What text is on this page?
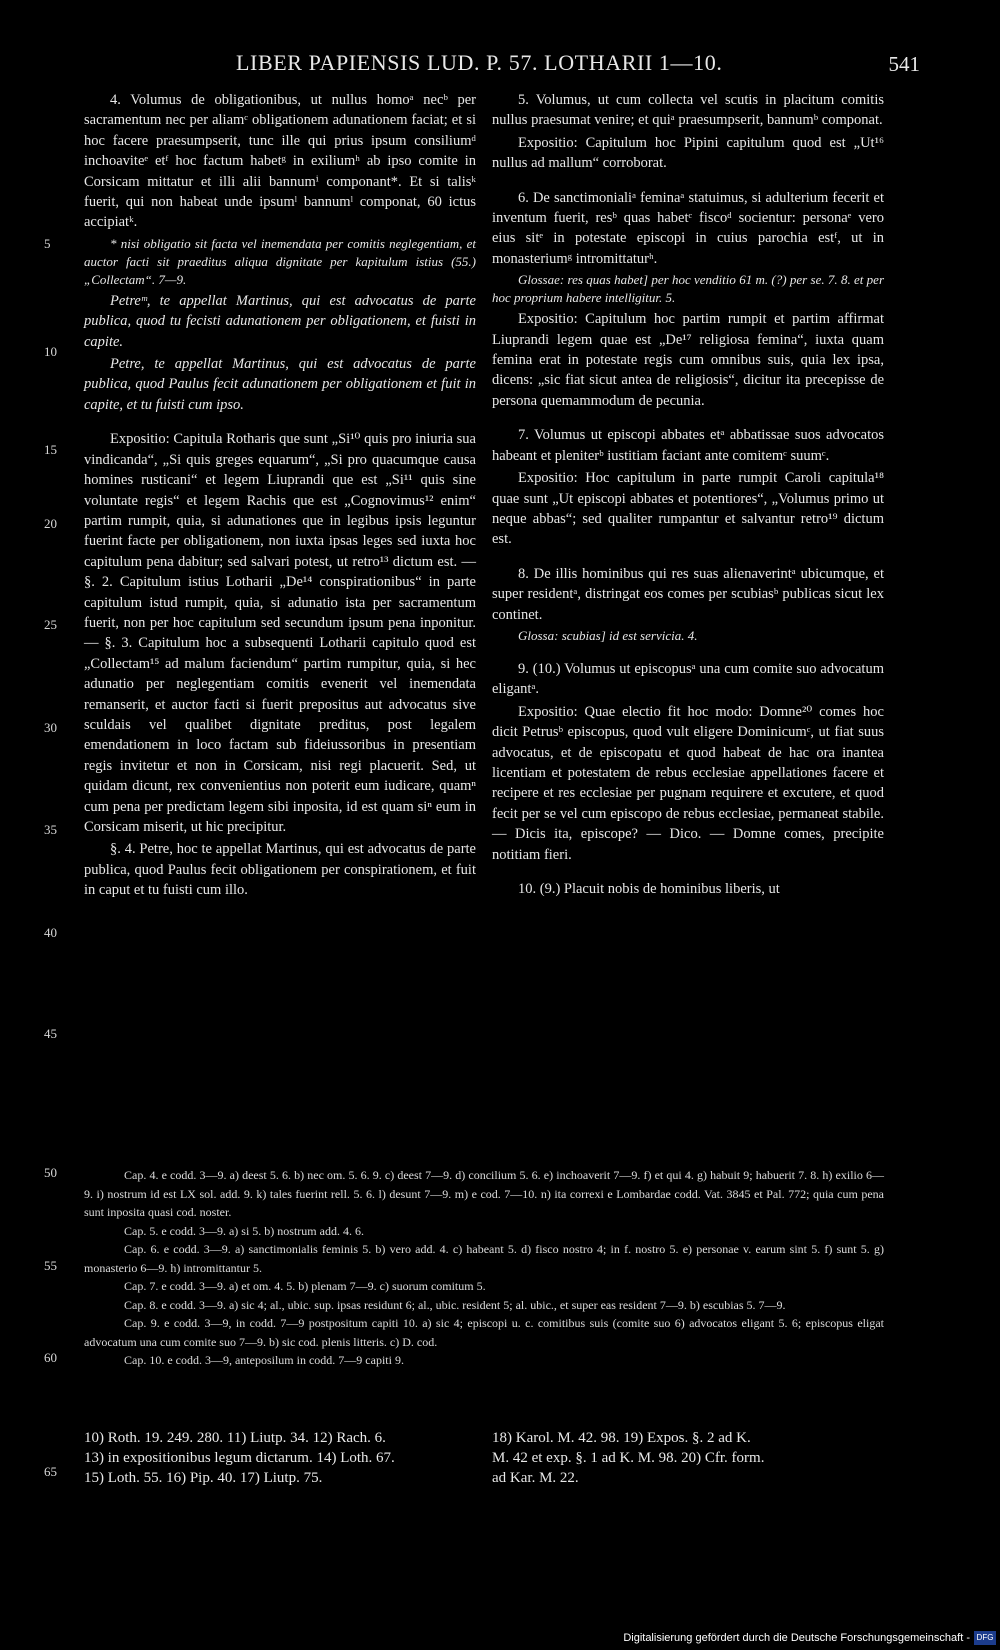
LIBER PAPIENSIS LUD. P. 57. LOTHARII 1—10.	541
5
10
15
20
25
30
35
40
45
50
55
60
65

4. Volumus de obligationibus, ut nullus homoᵃ necᵇ per sacramentum nec per aliamᶜ obligationem adunationem faciat; et si hoc facere praesumpserit, tunc ille qui prius ipsum consiliumᵈ inchoaviteᵉ etᶠ hoc factum habetᵍ in exiliumʰ ab ipso comite in Corsicam mittatur et illi alii bannumⁱ componant*. Et si talisᵏ fuerit, qui non habeat unde ipsumˡ bannumˡ componat, 60 ictus accipiatᵏ.

* nisi obligatio sit facta vel inemendata per comitis neglegentiam, et auctor facti sit praeditus aliqua dignitate per kapitulum istius (55.) „Collectam“. 7—9.

Petreᵐ, te appellat Martinus, qui est advocatus de parte publica, quod tu fecisti adunationem per obligationem, et fuisti in capite.

Petre, te appellat Martinus, qui est advocatus de parte publica, quod Paulus fecit adunationem per obligationem et fuit in capite, et tu fuisti cum ipso.

Expositio: Capitula Rotharis que sunt „Si¹⁰ quis pro iniuria sua vindicanda“, „Si quis greges equarum“, „Si pro quacumque causa homines rusticani“ et legem Liuprandi que est „Si¹¹ quis sine voluntate regis“ et legem Rachis que est „Cognovimus¹² enim“ partim rumpit, quia, si adunationes que in legibus ipsis leguntur fuerint facte per obligationem, non iuxta ipsas leges sed iuxta hoc capitulum pena dabitur; sed salvari potest, ut retro¹³ dictum est. — §. 2. Capitulum istius Lotharii „De¹⁴ conspirationibus“ in parte capitulum istud rumpit, quia, si adunatio ista per sacramentum fuerit, non per hoc capitulum sed secundum ipsum pena inponitur. — §. 3. Capitulum hoc a subsequenti Lotharii capitulo quod est „Collectam¹⁵ ad malum faciendum“ partim rumpitur, quia, si hec adunatio per neglegentiam comitis evenerit vel inemendata remanserit, et auctor facti si fuerit prepositus aut advocatus sive sculdais vel qualibet dignitate preditus, post legalem emendationem in loco factam sub fideiussoribus in presentiam regis invitetur et non in Corsicam, nisi regi placuerit. Sed, ut quidam dicunt, rex convenientius non poterit eum iudicare, quamⁿ cum pena per predictam legem sibi inposita, id est quam siⁿ eum in Corsicam miserit, ut hic precipitur.

§. 4. Petre, hoc te appellat Martinus, qui est advocatus de parte publica, quod Paulus fecit obligationem per conspirationem, et fuit in caput et tu fuisti cum illo.

5. Volumus, ut cum collecta vel scutis in placitum comitis nullus praesumat venire; et quiᵃ praesumpserit, bannumᵇ componat.

Expositio: Capitulum hoc Pipini capitulum quod est „Ut¹⁶ nullus ad mallum“ corroborat.

6. De sanctimonialiᵃ feminaᵃ statuimus, si adulterium fecerit et inventum fuerit, resᵇ quas habetᶜ fiscoᵈ socientur: personaᵉ vero eius sitᵉ in potestate episcopi in cuius parochia estᶠ, ut in monasteriumᵍ intromittaturʰ.

Glossae: res quas habet] per hoc venditio 61 m. (?) per se. 7. 8. et per hoc proprium habere intelligitur. 5.

Expositio: Capitulum hoc partim rumpit et partim affirmat Liuprandi legem quae est „De¹⁷ religiosa femina“, iuxta quam femina erat in potestate regis cum omnibus suis, quia lex ipsa, dicens: „sic fiat sicut antea de religiosis“, dicitur ita precepisse de persona quemammodum de pecunia.

7. Volumus ut episcopi abbates etᵃ abbatissae suos advocatos habeant et pleniterᵇ iustitiam faciant ante comitemᶜ suumᶜ.

Expositio: Hoc capitulum in parte rumpit Caroli capitula¹⁸ quae sunt „Ut episcopi abbates et potentiores“, „Volumus primo ut neque abbas“; sed qualiter rumpantur et salvantur retro¹⁹ dictum est.

8. De illis hominibus qui res suas alienaverintᵃ ubicumque, et super residentᵃ, distringat eos comes per scubiasᵇ publicas sicut lex continet.

Glossa: scubias] id est servicia. 4.

9. (10.) Volumus ut episcopusᵃ una cum comite suo advocatum eligantᵃ.

Expositio: Quae electio fit hoc modo: Domne²⁰ comes hoc dicit Petrusᵇ episcopus, quod vult eligere Dominicumᶜ, ut fiat suus advocatus, et de episcopatu et quod habeat de hac ora inantea licentiam et potestatem de rebus ecclesiae appellationes facere et recipere et res ecclesiae per pugnam requirere et excutere, et quod fecit per se vel cum episcopo de rebus ecclesiae, permaneat stabile. — Dicis ita, episcope? — Dico. — Domne comes, precipite notitiam fieri.

10. (9.) Placuit nobis de hominibus liberis, ut

Cap. 4. e codd. 3—9. a) deest 5. 6. b) nec om. 5. 6. 9. c) deest 7—9. d) concilium 5. 6. e) inchoaverit 7—9. f) et qui 4. g) habuit 9; habuerit 7. 8. h) exilio 6—9. i) nostrum id est LX sol. add. 9. k) tales fuerint rell. 5. 6. l) desunt 7—9. m) e cod. 7—10. n) ita correxi e Lombardae codd. Vat. 3845 et Pal. 772; quia cum pena sunt inposita quasi cod. noster.

Cap. 5. e codd. 3—9. a) si 5. b) nostrum add. 4. 6.

Cap. 6. e codd. 3—9. a) sanctimonialis feminis 5. b) vero add. 4. c) habeant 5. d) fisco nostro 4; in f. nostro 5. e) personae v. earum sint 5. f) sunt 5. g) monasterio 6—9. h) intromittantur 5.

Cap. 7. e codd. 3—9. a) et om. 4. 5. b) plenam 7—9. c) suorum comitum 5.

Cap. 8. e codd. 3—9. a) sic 4; al., ubic. sup. ipsas residunt 6; al., ubic. resident 5; al. ubic., et super eas resident 7—9. b) escubias 5. 7—9.

Cap. 9. e codd. 3—9, in codd. 7—9 postpositum capiti 10. a) sic 4; episcopi u. c. comitibus suis (comite suo 6) advocatos eligant 5. 6; episcopus eligat advocatum una cum comite suo 7—9. b) sic cod. plenis litteris. c) D. cod.

Cap. 10. e codd. 3—9, anteposilum in codd. 7—9 capiti 9.

10) Roth. 19. 249. 280. 11) Liutp. 34. 12) Rach. 6.

13) in expositionibus legum dictarum. 14) Loth. 67.

15) Loth. 55. 16) Pip. 40. 17) Liutp. 75.

18) Karol. M. 42. 98. 19) Expos. §. 2 ad K.

M. 42 et exp. §. 1 ad K. M. 98. 20) Cfr. form.

ad Kar. M. 22.

Digitalisierung gefördert durch die Deutsche Forschungsgemeinschaft - DFG
